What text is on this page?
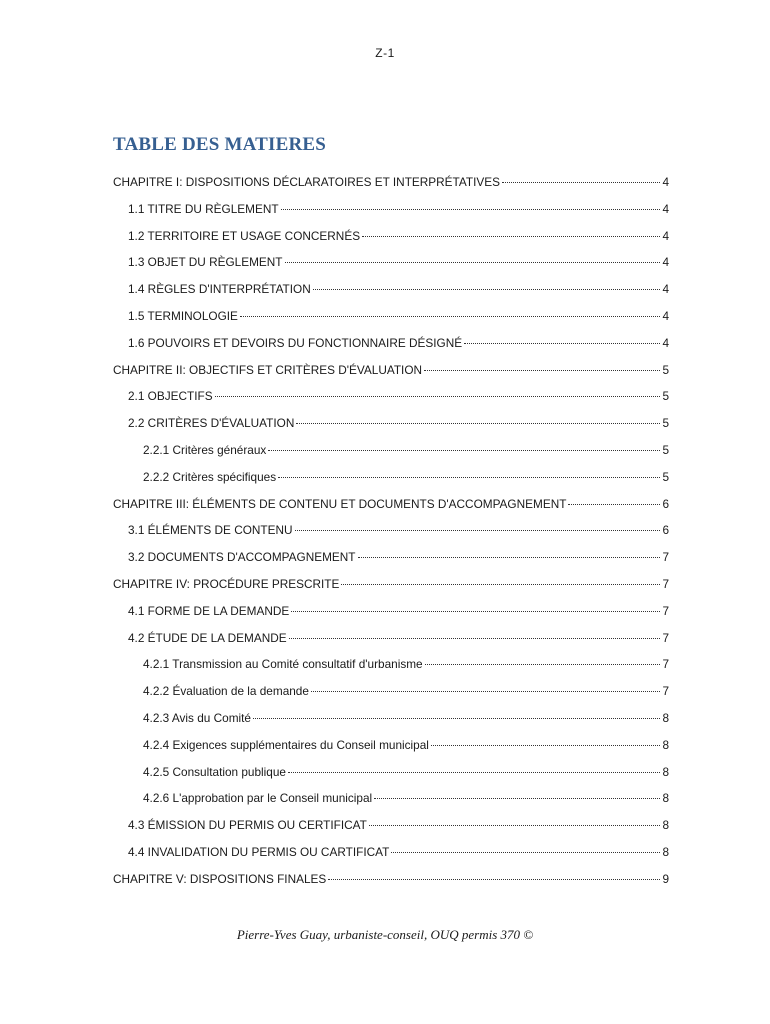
Z-1
TABLE DES MATIERES
CHAPITRE I: DISPOSITIONS DÉCLARATOIRES ET INTERPRÉTATIVES	4
1.1 TITRE DU RÈGLEMENT	4
1.2 TERRITOIRE ET USAGE CONCERNÉS	4
1.3 OBJET DU RÈGLEMENT	4
1.4 RÈGLES D'INTERPRÉTATION	4
1.5 TERMINOLOGIE	4
1.6 POUVOIRS ET DEVOIRS DU FONCTIONNAIRE DÉSIGNÉ	4
CHAPITRE II: OBJECTIFS ET CRITÈRES D'ÉVALUATION	5
2.1 OBJECTIFS	5
2.2 CRITÈRES D'ÉVALUATION	5
2.2.1 Critères généraux	5
2.2.2 Critères spécifiques	5
CHAPITRE III: ÉLÉMENTS DE CONTENU ET DOCUMENTS D'ACCOMPAGNEMENT	6
3.1 ÉLÉMENTS DE CONTENU	6
3.2 DOCUMENTS D'ACCOMPAGNEMENT	7
CHAPITRE IV: PROCÉDURE PRESCRITE	7
4.1 FORME DE LA DEMANDE	7
4.2 ÉTUDE DE LA DEMANDE	7
4.2.1 Transmission au Comité consultatif d'urbanisme	7
4.2.2 Évaluation de la demande	7
4.2.3 Avis du Comité	8
4.2.4 Exigences supplémentaires du Conseil municipal	8
4.2.5 Consultation publique	8
4.2.6 L'approbation par le Conseil municipal	8
4.3 ÉMISSION DU PERMIS OU CERTIFICAT	8
4.4 INVALIDATION DU PERMIS OU CARTIFICAT	8
CHAPITRE V: DISPOSITIONS FINALES	9
Pierre-Yves Guay, urbaniste-conseil, OUQ permis 370 ©
